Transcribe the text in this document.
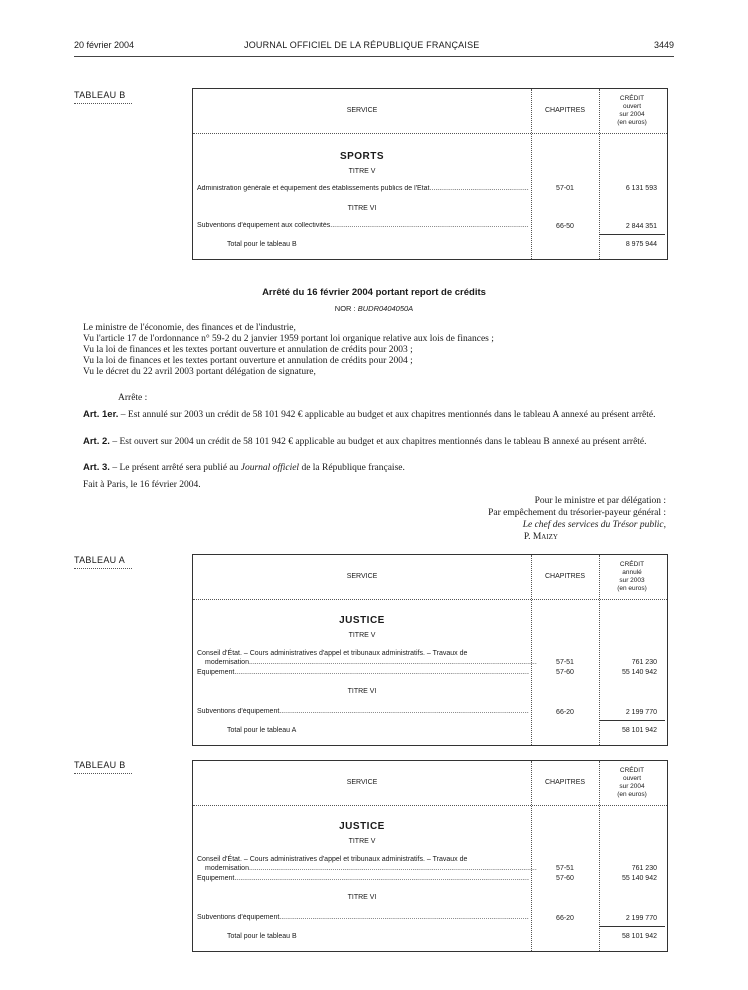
20 février 2004	JOURNAL OFFICIEL DE LA RÉPUBLIQUE FRANÇAISE	3449
TABLEAU B
SERVICE	CHAPITRES
CRÉDIT
ouvert
sur 2004
(en euros)
SPORTS
TITRE V
Administration générale et équipement des établissements publics de l'Etat .....	57-01	6 131 593
TITRE VI
Subventions d'équipement aux collectivités .....	66-50	2 844 351
Total pour le tableau B	8 975 944
Arrêté du 16 février 2004 portant report de crédits
NOR : BUDR0404050A
Le ministre de l'économie, des finances et de l'industrie,
Vu l'article 17 de l'ordonnance n° 59-2 du 2 janvier 1959 portant loi organique relative aux lois de finances ;
Vu la loi de finances et les textes portant ouverture et annulation de crédits pour 2003 ;
Vu la loi de finances et les textes portant ouverture et annulation de crédits pour 2004 ;
Vu le décret du 22 avril 2003 portant délégation de signature,
Arrête :
Art. 1er. – Est annulé sur 2003 un crédit de 58 101 942 € applicable au budget et aux chapitres mentionnés dans le tableau A annexé au présent arrêté.
Art. 2. – Est ouvert sur 2004 un crédit de 58 101 942 € applicable au budget et aux chapitres mentionnés dans le tableau B annexé au présent arrêté.
Art. 3. – Le présent arrêté sera publié au Journal officiel de la République française.
Fait à Paris, le 16 février 2004.
Pour le ministre et par délégation :
Par empêchement du trésorier-payeur général :
Le chef des services du Trésor public,
P. Maizy
TABLEAU A
SERVICE	CHAPITRES
CRÉDIT
annulé
sur 2003
(en euros)
JUSTICE
TITRE V
Conseil d'État. – Cours administratives d'appel et tribunaux administratifs. – Travaux de
modernisation .....	57-51	761 230
Équipement .....	57-60	55 140 942
TITRE VI
Subventions d'équipement .....	66-20	2 199 770
Total pour le tableau A	58 101 942
TABLEAU B
SERVICE	CHAPITRES
CRÉDIT
ouvert
sur 2004
(en euros)
JUSTICE
TITRE V
Conseil d'État. – Cours administratives d'appel et tribunaux administratifs. – Travaux de
modernisation .....	57-51	761 230
Équipement .....	57-60	55 140 942
TITRE VI
Subventions d'équipement .....	66-20	2 199 770
Total pour le tableau B	58 101 942
